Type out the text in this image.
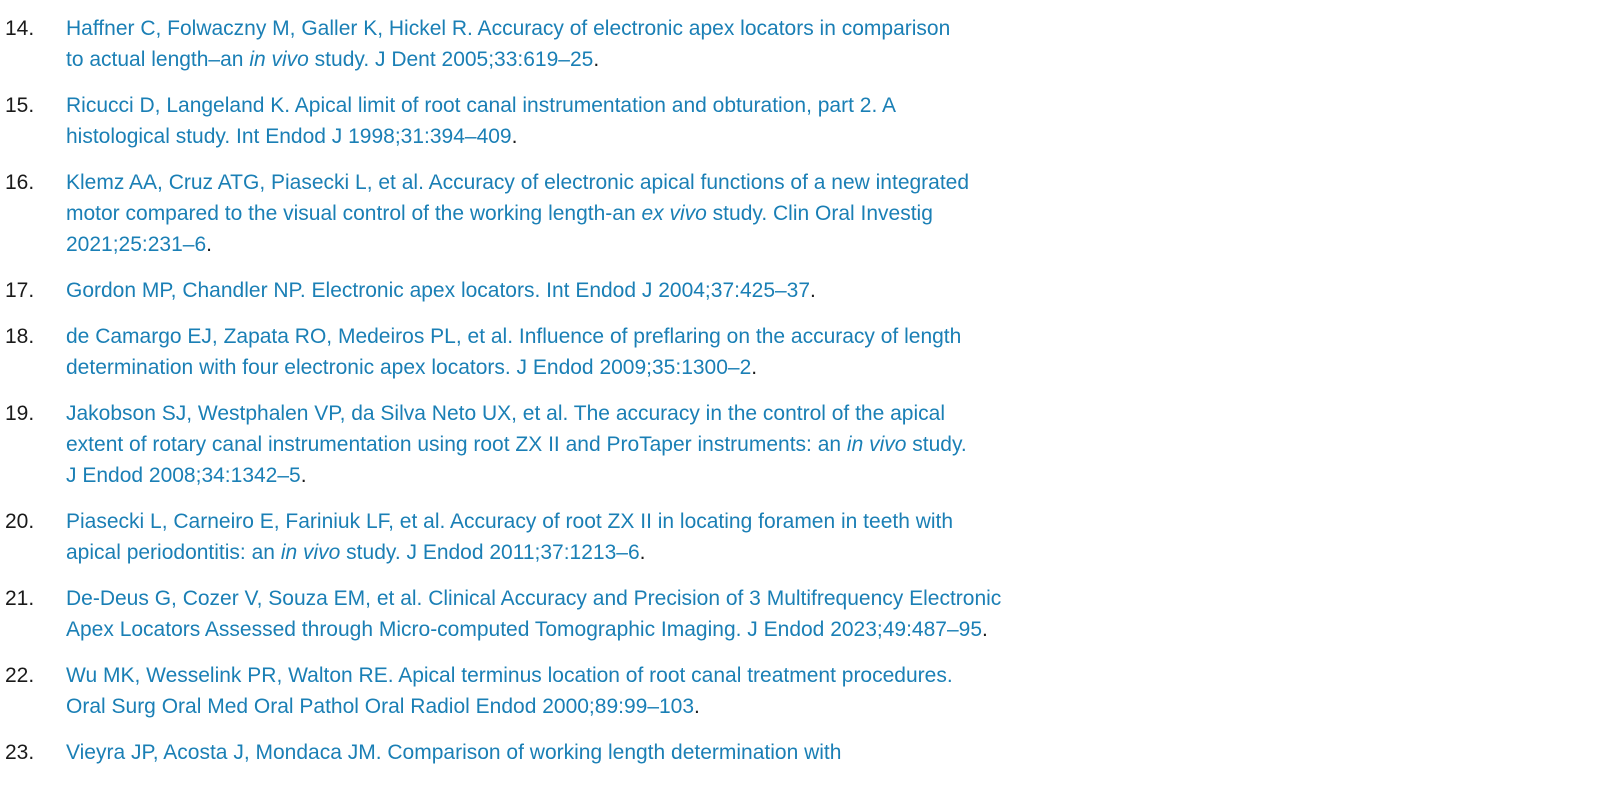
14. Haffner C, Folwaczny M, Galler K, Hickel R. Accuracy of electronic apex locators in comparison
to actual length–an in vivo study. J Dent 2005;33:619–25.
15. Ricucci D, Langeland K. Apical limit of root canal instrumentation and obturation, part 2. A
histological study. Int Endod J 1998;31:394–409.
16. Klemz AA, Cruz ATG, Piasecki L, et al. Accuracy of electronic apical functions of a new integrated
motor compared to the visual control of the working length-an ex vivo study. Clin Oral Investig
2021;25:231–6.
17. Gordon MP, Chandler NP. Electronic apex locators. Int Endod J 2004;37:425–37.
18. de Camargo EJ, Zapata RO, Medeiros PL, et al. Influence of preflaring on the accuracy of length
determination with four electronic apex locators. J Endod 2009;35:1300–2.
19. Jakobson SJ, Westphalen VP, da Silva Neto UX, et al. The accuracy in the control of the apical
extent of rotary canal instrumentation using root ZX II and ProTaper instruments: an in vivo study.
J Endod 2008;34:1342–5.
20. Piasecki L, Carneiro E, Fariniuk LF, et al. Accuracy of root ZX II in locating foramen in teeth with
apical periodontitis: an in vivo study. J Endod 2011;37:1213–6.
21. De-Deus G, Cozer V, Souza EM, et al. Clinical Accuracy and Precision of 3 Multifrequency Electronic
Apex Locators Assessed through Micro-computed Tomographic Imaging. J Endod 2023;49:487–95.
22. Wu MK, Wesselink PR, Walton RE. Apical terminus location of root canal treatment procedures.
Oral Surg Oral Med Oral Pathol Oral Radiol Endod 2000;89:99–103.
23. Vieyra JP, Acosta J, Mondaca JM. Comparison of working length determination with
